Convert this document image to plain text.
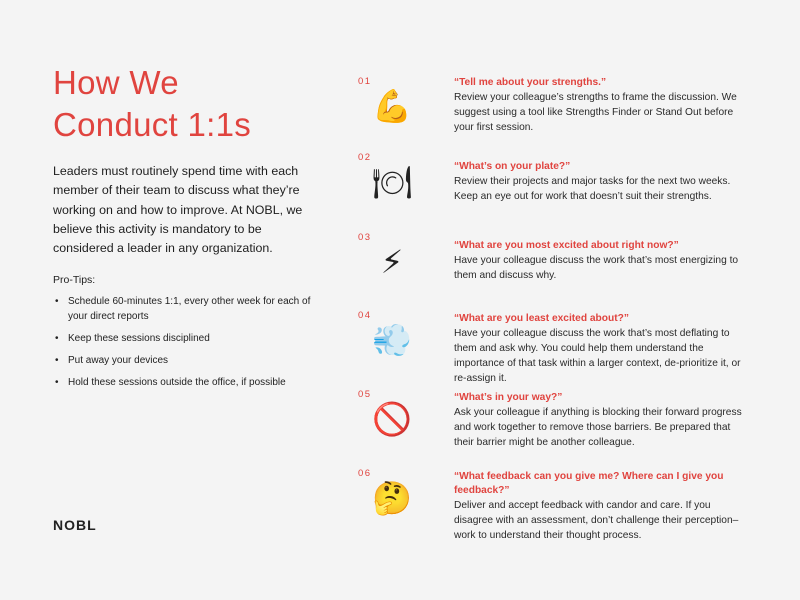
How We
Conduct 1:1s

Leaders must routinely spend time with each member of their team to discuss what they’re working on and how to improve. At NOBL, we believe this activity is mandatory to be considered a leader in any organization.

Pro-Tips:

• Schedule 60-minutes 1:1, every other week for each of your direct reports
• Keep these sessions disciplined
• Put away your devices
• Hold these sessions outside the office, if possible
NOBL
01
💪

“Tell me about your strengths.”

Review your colleague’s strengths to frame the discussion. We suggest using a tool like Strengths Finder or Stand Out before your first session.

02
🍽	“What’s on your plate?”

Review their projects and major tasks for the next two weeks. Keep an eye out for work that doesn’t suit their strengths.

03
⚡	“What are you most excited about right now?”

Have your colleague discuss the work that’s most energizing to them and discuss why.

04
💨

“What are you least excited about?”

Have your colleague discuss the work that’s most deflating to them and ask why. You could help them understand the importance of that task within a larger context, de-prioritize it, or re-assign it.

05
🚫

“What’s in your way?”

Ask your colleague if anything is blocking their forward progress and work together to remove those barriers. Be prepared that their barrier might be another colleague.

06
🤔

“What feedback can you give me? Where can I give you feedback?”

Deliver and accept feedback with candor and care. If you disagree with an assessment, don’t challenge their perception–work to understand their thought process.
